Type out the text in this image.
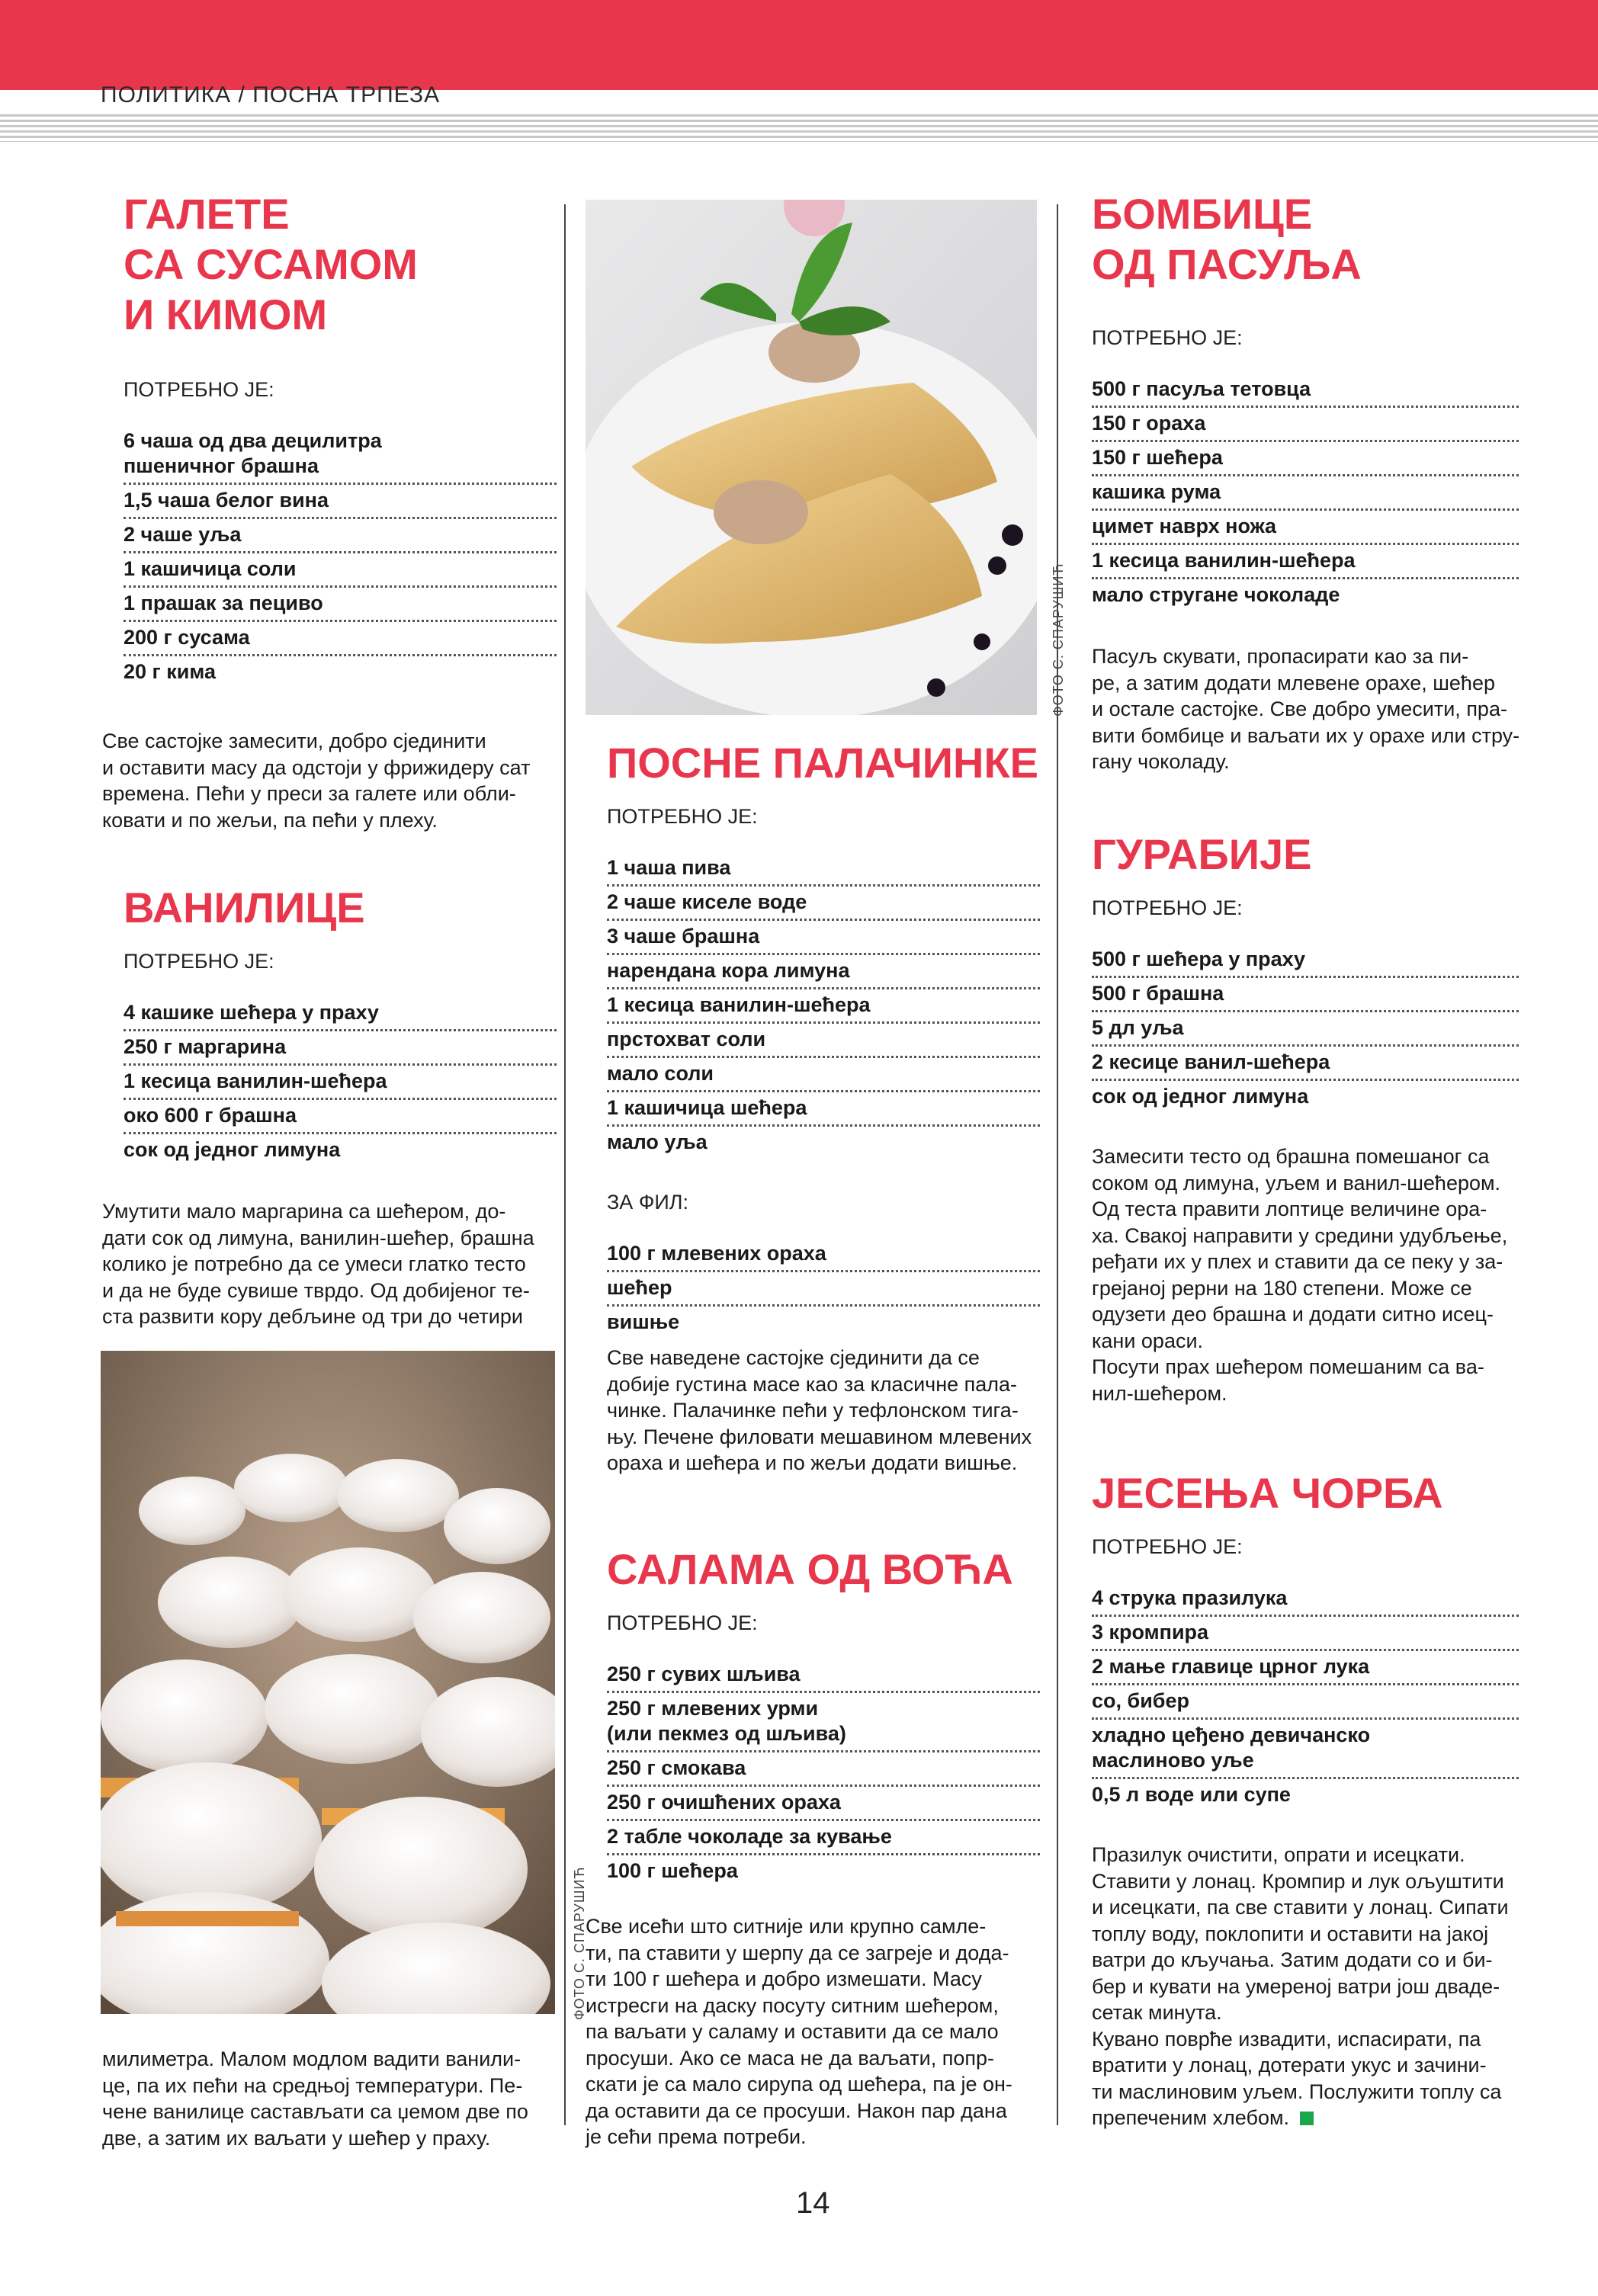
ПОЛИТИКА / ПОСНА ТРПЕЗА
ГАЛЕТЕ
СА СУСАМОМ
И КИМОМ

ПОТРЕБНО ЈЕ:

6 чаша од два децилитра
пшеничног брашна
1,5 чаша белог вина
2 чаше уља
1 кашичица соли
1 прашак за пециво
200 г сусама
20 г кима
Све састојке замесити, добро сјединити
и оставити масу да одстоји у фрижидеру сат
времена. Пећи у преси за галете или обли-
ковати и по жељи, па пећи у плеху.
ВАНИЛИЦЕ

ПОТРЕБНО ЈЕ:

4 кашике шећера у праху
250 г маргарина
1 кесица ванилин-шећера
око 600 г брашна
сок од једног лимуна
Умутити мало маргарина са шећером, до-
дати сок од лимуна, ванилин-шећер, брашна
колико је потребно да се умеси глатко тесто
и да не буде сувише тврдо. Од добијеног те-
ста развити кору дебљине од три до четири
милиметра. Малом модлом вадити ванили-
це, па их пећи на средњој температури. Пе-
чене ванилице састављати са џемом две по
две, а затим их ваљати у шећер у праху.
ФОТО С. СПАРУШИЋ
ФОТО С. СПАРУШИЋ
ПОСНЕ ПАЛАЧИНКЕ

ПОТРЕБНО ЈЕ:

1 чаша пива
2 чаше киселе воде
3 чаше брашна
нарендана кора лимуна
1 кесица ванилин-шећера
прстохват соли
мало соли
1 кашичица шећера
мало уља

ЗА ФИЛ:

100 г млевених ораха
шећер
вишње
Све наведене састојке сјединити да се
добије густина масе као за класичне пала-
чинке. Палачинке пећи у тефлонском тига-
њу. Печене филовати мешавином млевених
ораха и шећера и по жељи додати вишње.
САЛАМА ОД ВОЋА

ПОТРЕБНО ЈЕ:

250 г сувих шљива
250 г млевених урми
(или пекмез од шљива)
250 г смокава
250 г очишћених ораха
2 табле чоколаде за кување
100 г шећера
Све исећи што ситније или крупно самле-
ти, па ставити у шерпу да се загреје и дода-
ти 100 г шећера и добро измешати. Масу
истресги на даску посуту ситним шећером,
па ваљати у саламу и оставити да се мало
просуши. Ако се маса не да ваљати, попр-
скати је са мало сирупа од шећера, па је он-
да оставити да се просуши. Након пар дана
је сећи према потреби.
БОМБИЦЕ
ОД ПАСУЉА

ПОТРЕБНО ЈЕ:

500 г пасуља тетовца
150 г ораха
150 г шећера
кашика рума
цимет наврх ножа
1 кесица ванилин-шећера
мало стругане чоколаде
Пасуљ скувати, пропасирати као за пи-
ре, а затим додати млевене орахе, шећер
и остале састојке. Све добро умесити, пра-
вити бомбице и ваљати их у орахе или стру-
гану чоколаду.
ГУРАБИЈЕ

ПОТРЕБНО ЈЕ:

500 г шећера у праху
500 г брашна
5 дл уља
2 кесице ванил-шећера
сок од једног лимуна
Замесити тесто од брашна помешаног са
соком од лимуна, уљем и ванил-шећером.
Од теста правити лоптице величине ора-
ха. Свакој направити у средини удубљење,
ређати их у плех и ставити да се пеку у за-
грејаној рерни на 180 степени. Може се
одузети део брашна и додати ситно исец-
кани ораси.
Посути прах шећером помешаним са ва-
нил-шећером.
ЈЕСЕЊА ЧОРБА

ПОТРЕБНО ЈЕ:

4 струка празилука
3 кромпира
2 мање главице црног лука
со, бибер
хладно цеђено девичанско
маслиново уље
0,5 л воде или супе
Празилук очистити, опрати и исецкати.
Ставити у лонац. Кромпир и лук ољуштити
и исецкати, па све ставити у лонац. Сипати
топлу воду, поклопити и оставити на јакој
ватри до кључања. Затим додати со и би-
бер и кувати на умереној ватри још дваде-
сетак минута.
Кувано поврће извадити, испасирати, па
вратити у лонац, дотерати укус и зачини-
ти маслиновим уљем. Послужити топлу са
препеченим хлебом.
14
